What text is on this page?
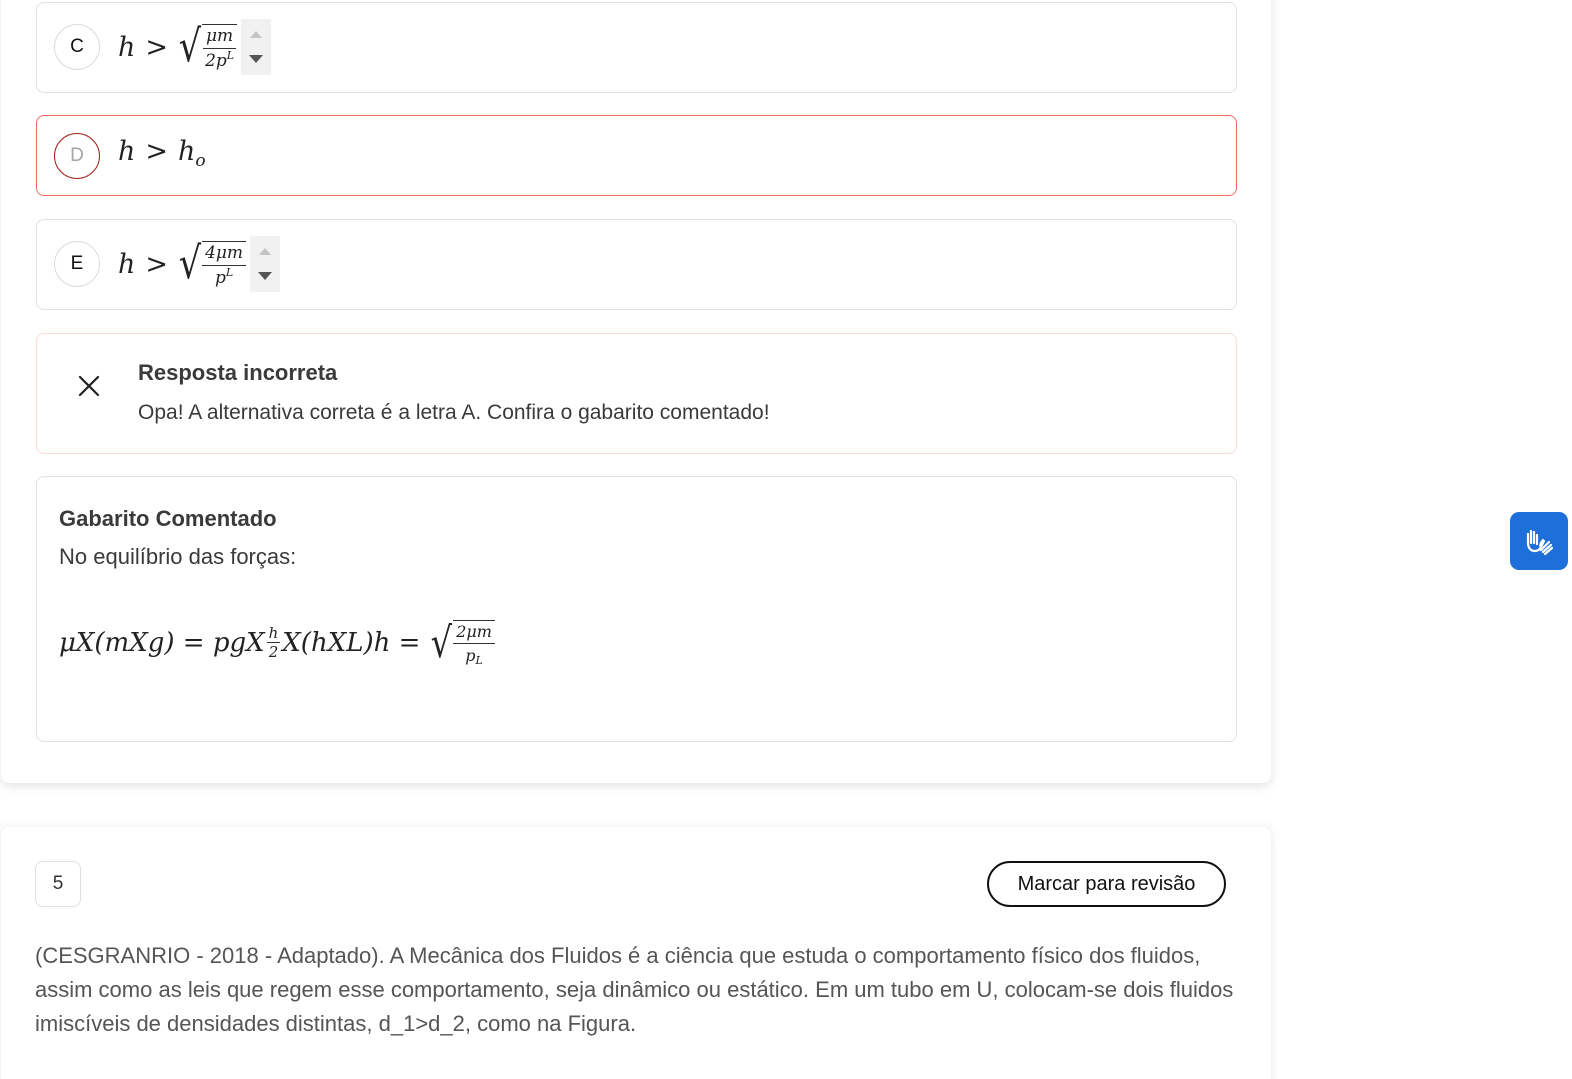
C	h > √ $\frac{\mu m}{2p^L}$
D	h > h o
E	h > √ $\frac{4\mu m}{p^L}$
Resposta incorreta
Opa! A alternativa correta é a letra A. Confira o gabarito comentado!
Gabarito Comentado
No equilíbrio das forças:
μX(mXg) = pgX $\frac{h}{2} X(hXL)h$ = √ $\frac{2\mu m}{pL}$
5	Marcar para revisão
(CESGRANRIO - 2018 - Adaptado). A Mecânica dos Fluidos é a ciência que estuda o comportamento físico dos fluidos, assim como as leis que regem esse comportamento, seja dinâmico ou estático. Em um tubo em U, colocam-se dois fluidos imiscíveis de densidades distintas, d_1>d_2, como na Figura.
